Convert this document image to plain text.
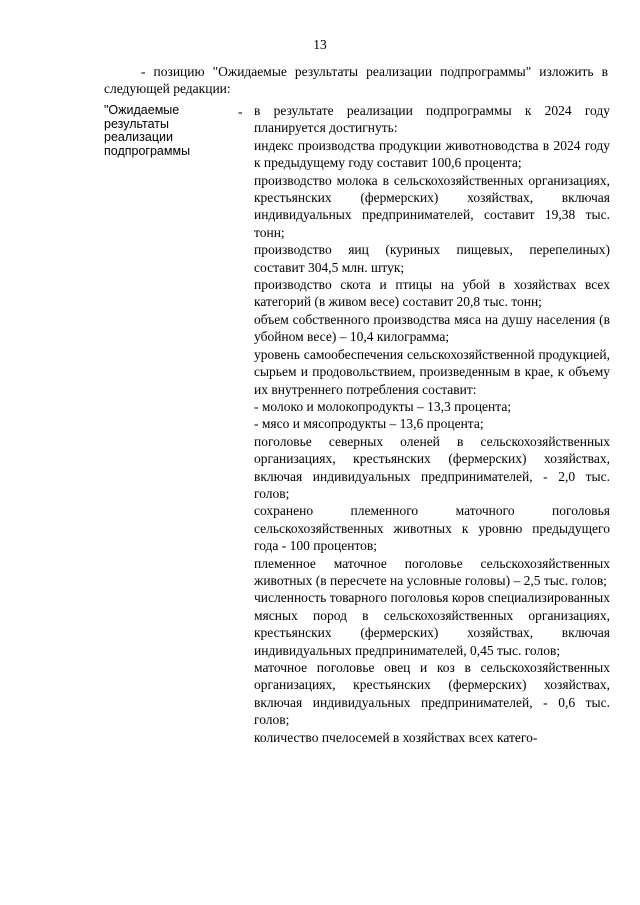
13
- позицию "Ожидаемые результаты реализации подпрограммы" изложить в следующей редакции:
"Ожидаемые результаты реализации подпрограммы
- в результате реализации подпрограммы к 2024 году планируется достигнуть:

индекс производства продукции животноводства в 2024 году к предыдущему году составит 100,6 процента;

производство молока в сельскохозяйственных организациях, крестьянских (фермерских) хозяйствах, включая индивидуальных предпринимателей, составит 19,38 тыс. тонн;

производство яиц (куриных пищевых, перепелиных) составит 304,5 млн. штук;

производство скота и птицы на убой в хозяйствах всех категорий (в живом весе) составит 20,8 тыс. тонн;

объем собственного производства мяса на душу населения (в убойном весе) – 10,4 килограмма;

уровень самообеспечения сельскохозяйственной продукцией, сырьем и продовольствием, произведенным в крае, к объему их внутреннего потребления составит:

- молоко и молокопродукты – 13,3 процента;

- мясо и мясопродукты – 13,6 процента;

поголовье северных оленей в сельскохозяйственных организациях, крестьянских (фермерских) хозяйствах, включая индивидуальных предпринимателей, - 2,0 тыс. голов;

сохранено племенного маточного поголовья сельскохозяйственных животных к уровню предыдущего года - 100 процентов;

племенное маточное поголовье сельскохозяйственных животных (в пересчете на условные головы) – 2,5 тыс. голов;

численность товарного поголовья коров специализированных мясных пород в сельскохозяйственных организациях, крестьянских (фермерских) хозяйствах, включая индивидуальных предпринимателей, 0,45 тыс. голов;

маточное поголовье овец и коз в сельскохозяйственных организациях, крестьянских (фермерских) хозяйствах, включая индивидуальных предпринимателей, - 0,6 тыс. голов;

количество пчелосемей в хозяйствах всех катего-
